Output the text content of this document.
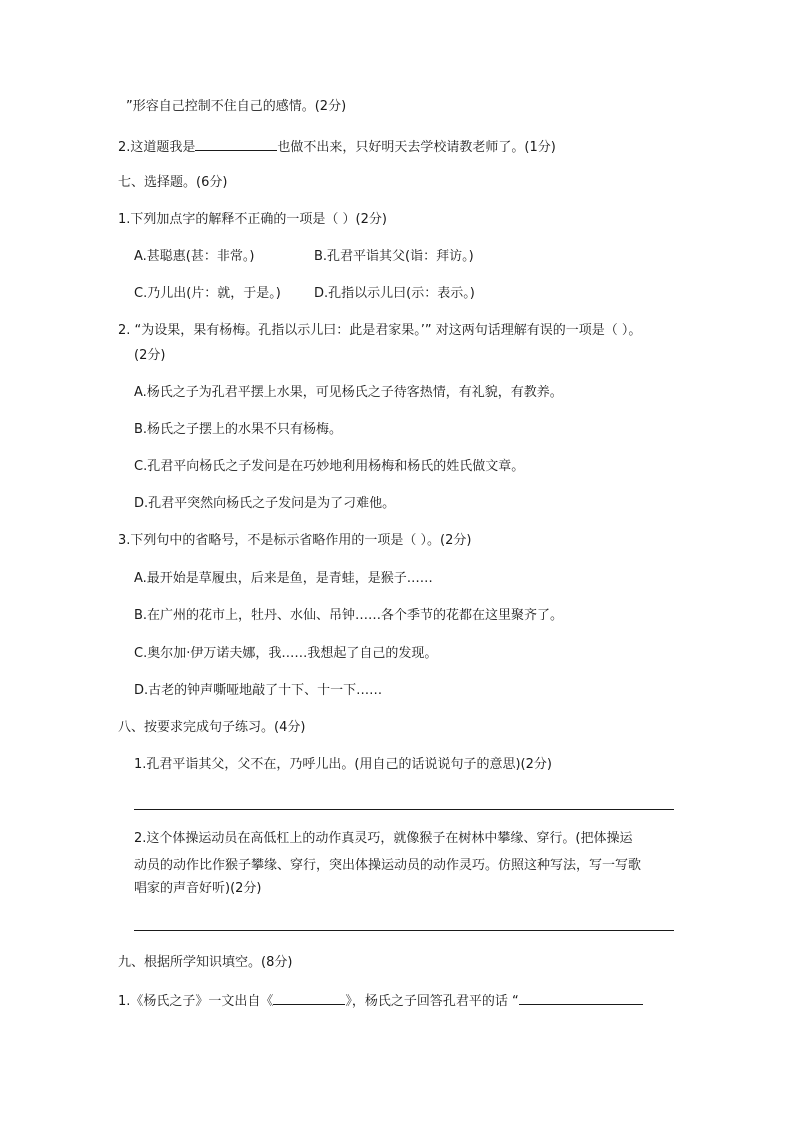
”形容自己控制不住自己的感情。(2分)
2.这道题我是	也做不出来，只好明天去学校请教老师了。(1分)
七、选择题。(6分)
1.下列加点字的解释不正确的一项是（ ）(2分)
A.甚聪惠(甚：非常。)	B.孔君平诣其父(诣：拜访。)
C.乃儿出(片：就，于是。)	D.孔指以示儿曰(示：表示。)
2. “为设果，果有杨梅。孔指以示儿曰：此是君家果。’” 对这两句话理解有误的一项是（ ）。
(2分)
A.杨氏之子为孔君平摆上水果，可见杨氏之子待客热情，有礼貌，有教养。
B.杨氏之子摆上的水果不只有杨梅。
C.孔君平向杨氏之子发问是在巧妙地利用杨梅和杨氏的姓氏做文章。
D.孔君平突然向杨氏之子发问是为了刁难他。
3.下列句中的省略号，不是标示省略作用的一项是（ ）。(2分)
A.最开始是草履虫，后来是鱼，是青蛙，是猴子……
B.在广州的花市上，牡丹、水仙、吊钟……各个季节的花都在这里聚齐了。
C.奥尔加·伊万诺夫娜，我……我想起了自己的发现。
D.古老的钟声嘶哑地敲了十下、十一下……
八、按要求完成句子练习。(4分)
1.孔君平诣其父，父不在，乃呼儿出。(用自己的话说说句子的意思)(2分)
2.这个体操运动员在高低杠上的动作真灵巧，就像猴子在树林中攀缘、穿行。(把体操运
动员的动作比作猴子攀缘、穿行，突出体操运动员的动作灵巧。仿照这种写法，写一写歌
唱家的声音好听)(2分)
九、根据所学知识填空。(8分)
1.《杨氏之子》一文出自《	》，杨氏之子回答孔君平的话 “
